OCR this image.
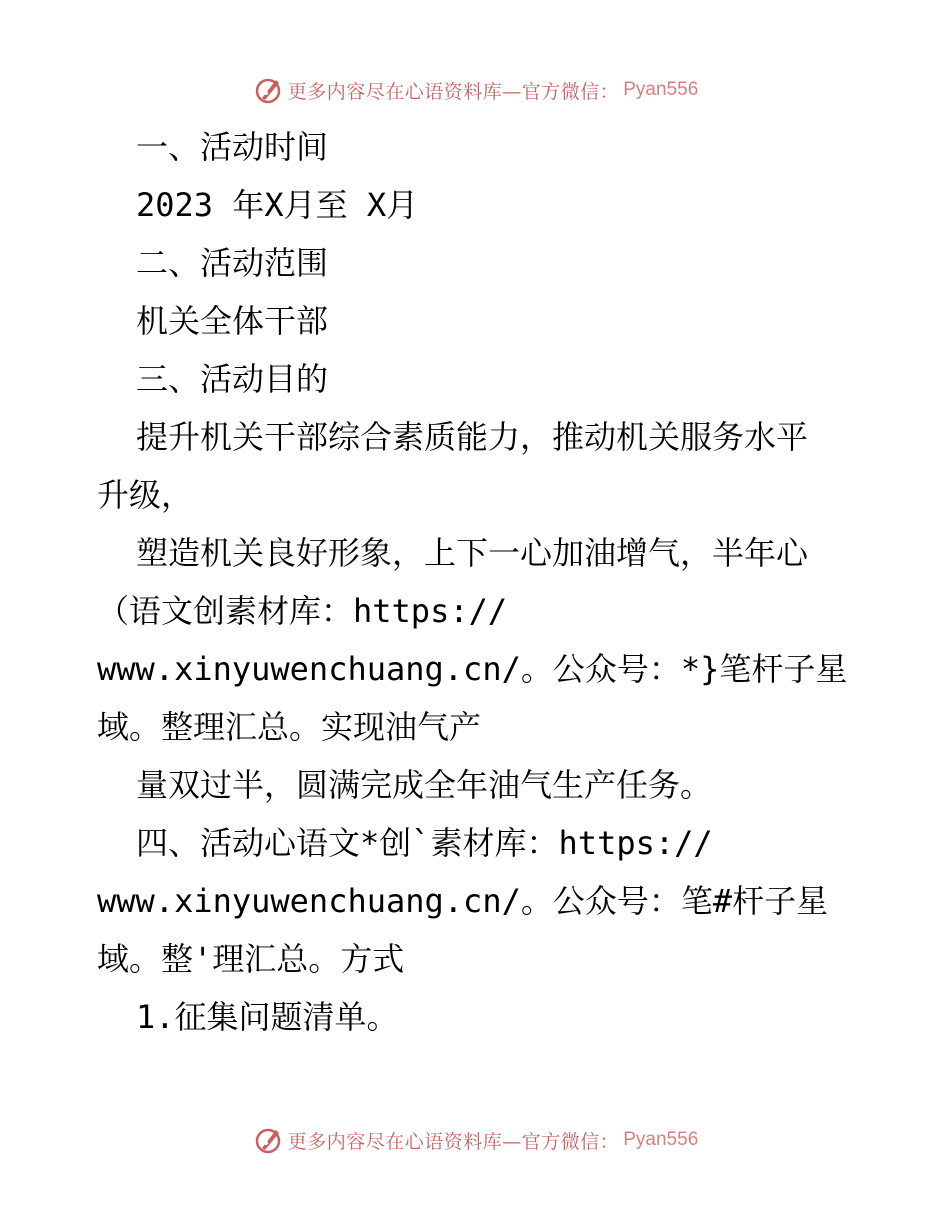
更多内容尽在心语资料库—官方微信： Pyan556
一、活动时间
2023 年X月至 X月
二、活动范围
机关全体干部
三、活动目的
提升机关干部综合素质能力，推动机关服务水平
升级，
塑造机关良好形象，上下一心加油增气，半年心
（语文创素材库：https://
www.xinyuwenchuang.cn/。公众号：*}笔杆子星
域。整理汇总。实现油气产
量双过半，圆满完成全年油气生产任务。
四、活动心语文*创`素材库：https://
www.xinyuwenchuang.cn/。公众号：笔#杆子星
域。整'理汇总。方式
1.征集问题清单。
更多内容尽在心语资料库—官方微信： Pyan556
